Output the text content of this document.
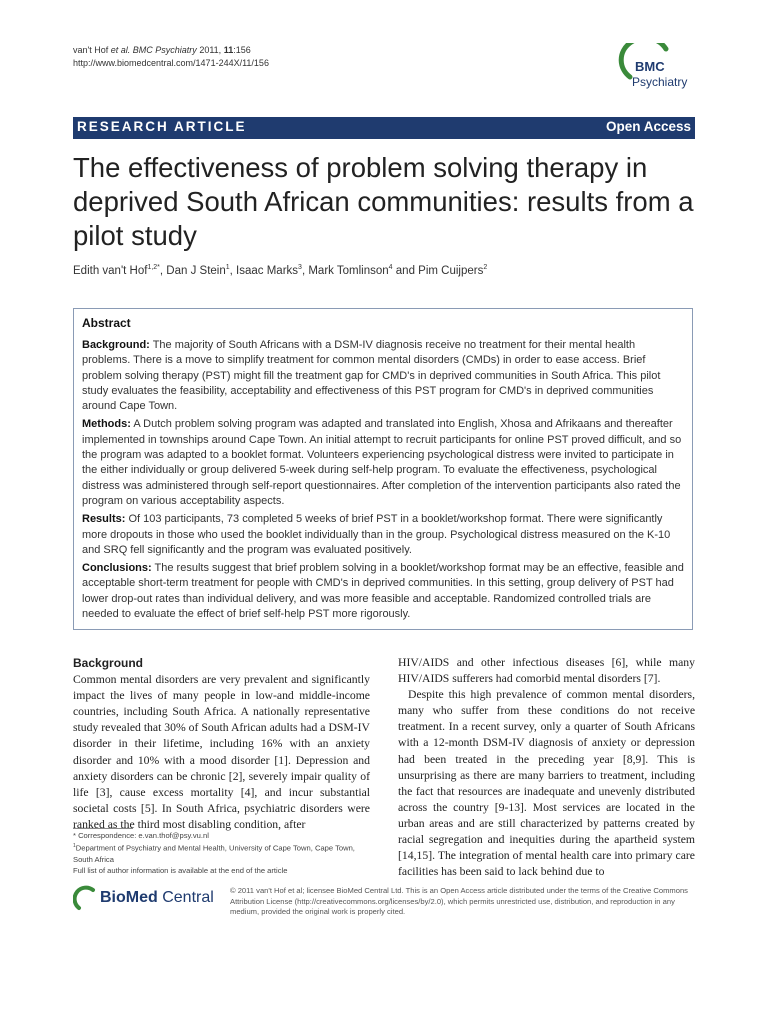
van't Hof et al. BMC Psychiatry 2011, 11:156
http://www.biomedcentral.com/1471-244X/11/156	BMC
Psychiatry
RESEARCH ARTICLE	Open Access
The effectiveness of problem solving therapy in deprived South African communities: results from a pilot study
Edith van't Hof$^{1,2*}$, Dan J Stein$^1$, Isaac Marks$^3$, Mark Tomlinson$^4$ and Pim Cuijpers$^2$
Abstract

Background: The majority of South Africans with a DSM-IV diagnosis receive no treatment for their mental health problems. There is a move to simplify treatment for common mental disorders (CMDs) in order to ease access. Brief problem solving therapy (PST) might fill the treatment gap for CMD's in deprived communities in South Africa. This pilot study evaluates the feasibility, acceptability and effectiveness of this PST program for CMD's in deprived communities around Cape Town.

Methods: A Dutch problem solving program was adapted and translated into English, Xhosa and Afrikaans and thereafter implemented in townships around Cape Town. An initial attempt to recruit participants for online PST proved difficult, and so the program was adapted to a booklet format. Volunteers experiencing psychological distress were invited to participate in the either individually or group delivered 5-week during self-help program. To evaluate the effectiveness, psychological distress was administered through self-report questionnaires. After completion of the intervention participants also rated the program on various acceptability aspects.

Results: Of 103 participants, 73 completed 5 weeks of brief PST in a booklet/workshop format. There were significantly more dropouts in those who used the booklet individually than in the group. Psychological distress measured on the K-10 and SRQ fell significantly and the program was evaluated positively.

Conclusions: The results suggest that brief problem solving in a booklet/workshop format may be an effective, feasible and acceptable short-term treatment for people with CMD's in deprived communities. In this setting, group delivery of PST had lower drop-out rates than individual delivery, and was more feasible and acceptable. Randomized controlled trials are needed to evaluate the effect of brief self-help PST more rigorously.

Background

Common mental disorders are very prevalent and significantly impact the lives of many people in low-and middle-income countries, including South Africa. A nationally representative study revealed that 30% of South African adults had a DSM-IV disorder in their lifetime, including 16% with an anxiety disorder and 10% with a mood disorder [1]. Depression and anxiety disorders can be chronic [2], severely impair quality of life [3], cause excess mortality [4], and incur substantial societal costs [5]. In South Africa, psychiatric disorders were ranked as the third most disabling condition, after

HIV/AIDS and other infectious diseases [6], while many HIV/AIDS sufferers had comorbid mental disorders [7].

Despite this high prevalence of common mental disorders, many who suffer from these conditions do not receive treatment. In a recent survey, only a quarter of South Africans with a 12-month DSM-IV diagnosis of anxiety or depression had been treated in the preceding year [8,9]. This is unsurprising as there are many barriers to treatment, including the fact that resources are inadequate and unevenly distributed across the country [9-13]. Most services are located in the urban areas and are still characterized by patterns created by racial segregation and inequities during the apartheid system [14,15]. The integration of mental health care into primary care facilities has been said to lack behind due to

* Correspondence: e.van.thof@psy.vu.nl
$^1$Department of Psychiatry and Mental Health, University of Cape Town, Cape Town, South Africa
Full list of author information is available at the end of the article
BioMed Central © 2011 van't Hof et al; licensee BioMed Central Ltd. This is an Open Access article distributed under the terms of the Creative Commons Attribution License (http://creativecommons.org/licenses/by/2.0), which permits unrestricted use, distribution, and reproduction in any medium, provided the original work is properly cited.
